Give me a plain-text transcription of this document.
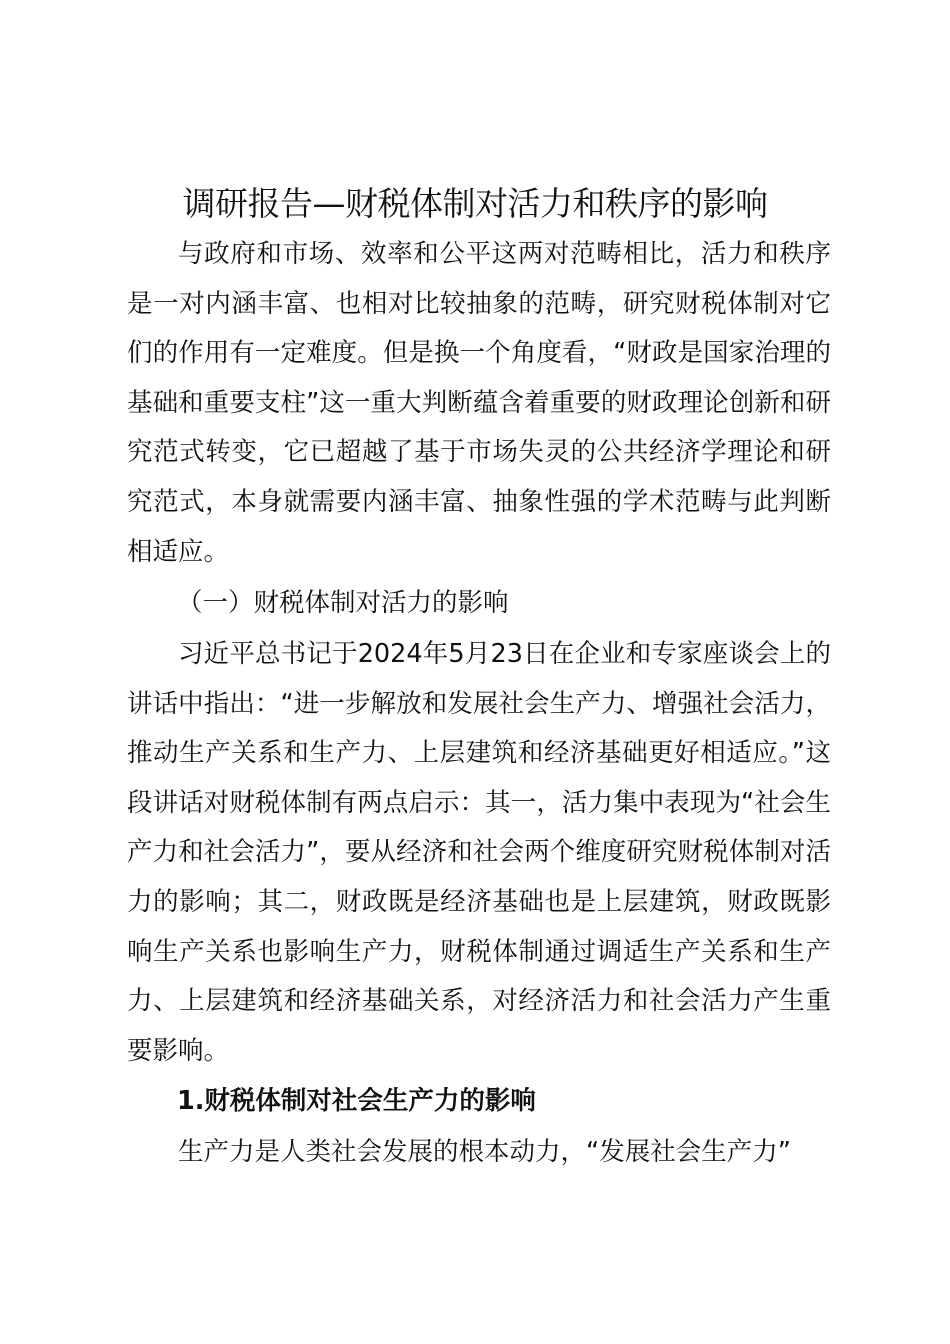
调研报告—财税体制对活力和秩序的影响

与政府和市场、效率和公平这两对范畴相比，活力和秩序是一对内涵丰富、也相对比较抽象的范畴，研究财税体制对它们的作用有一定难度。但是换一个角度看，“财政是国家治理的基础和重要支柱”这一重大判断蕴含着重要的财政理论创新和研究范式转变，它已超越了基于市场失灵的公共经济学理论和研究范式，本身就需要内涵丰富、抽象性强的学术范畴与此判断相适应。

（一）财税体制对活力的影响

习近平总书记于2024年5月23日在企业和专家座谈会上的讲话中指出：“进一步解放和发展社会生产力、增强社会活力，推动生产关系和生产力、上层建筑和经济基础更好相适应。”这段讲话对财税体制有两点启示：其一，活力集中表现为“社会生产力和社会活力”，要从经济和社会两个维度研究财税体制对活力的影响；其二，财政既是经济基础也是上层建筑，财政既影响生产关系也影响生产力，财税体制通过调适生产关系和生产力、上层建筑和经济基础关系，对经济活力和社会活力产生重要影响。

1.财税体制对社会生产力的影响

生产力是人类社会发展的根本动力，“发展社会生产力”
